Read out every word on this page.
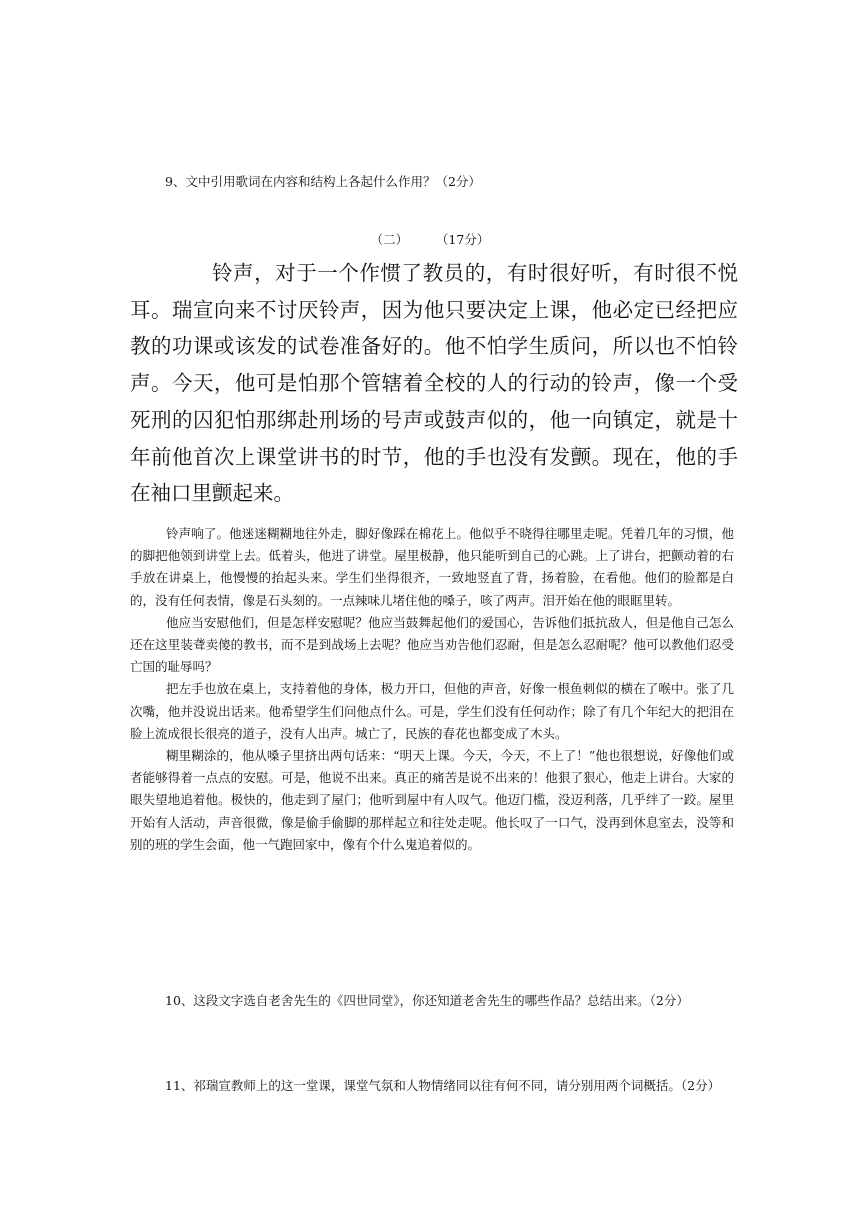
9、文中引用歌词在内容和结构上各起什么作用？（2分）
（二）	（17分）

铃声，对于一个作惯了教员的，有时很好听，有时很不悦耳。瑞宣向来不讨厌铃声，因为他只要决定上课，他必定已经把应教的功课或该发的试卷准备好的。他不怕学生质问，所以也不怕铃声。今天，他可是怕那个管辖着全校的人的行动的铃声，像一个受死刑的囚犯怕那绑赴刑场的号声或鼓声似的，他一向镇定，就是十年前他首次上课堂讲书的时节，他的手也没有发颤。现在，他的手在袖口里颤起来。

铃声响了。他迷迷糊糊地往外走，脚好像踩在棉花上。他似乎不晓得往哪里走呢。凭着几年的习惯，他的脚把他领到讲堂上去。低着头，他进了讲堂。屋里极静，他只能听到自己的心跳。上了讲台，把颤动着的右手放在讲桌上，他慢慢的抬起头来。学生们坐得很齐，一致地竖直了背，扬着脸，在看他。他们的脸都是白的，没有任何表情，像是石头刻的。一点辣味儿堵住他的嗓子，咳了两声。泪开始在他的眼眶里转。

他应当安慰他们，但是怎样安慰呢？他应当鼓舞起他们的爱国心，告诉他们抵抗敌人，但是他自己怎么还在这里装聋卖傻的教书，而不是到战场上去呢？他应当劝告他们忍耐，但是怎么忍耐呢？他可以教他们忍受亡国的耻辱吗？

把左手也放在桌上，支持着他的身体，极力开口，但他的声音，好像一根鱼刺似的横在了喉中。张了几次嘴，他并没说出话来。他希望学生们问他点什么。可是，学生们没有任何动作；除了有几个年纪大的把泪在脸上流成很长很亮的道子，没有人出声。城亡了，民族的春花也都变成了木头。

糊里糊涂的，他从嗓子里挤出两句话来：“明天上课。今天，今天，不上了！”他也很想说，好像他们或者能够得着一点点的安慰。可是，他说不出来。真正的痛苦是说不出来的！他狠了狠心，他走上讲台。大家的眼失望地追着他。极快的，他走到了屋门；他听到屋中有人叹气。他迈门槛，没迈利落，几乎绊了一跤。屋里开始有人活动，声音很微，像是偷手偷脚的那样起立和往处走呢。他长叹了一口气，没再到休息室去，没等和别的班的学生会面，他一气跑回家中，像有个什么鬼追着似的。

10、这段文字选自老舍先生的《四世同堂》，你还知道老舍先生的哪些作品？总结出来。（2分）
11、祁瑞宣教师上的这一堂课，课堂气氛和人物情绪同以往有何不同，请分别用两个词概括。（2分）
